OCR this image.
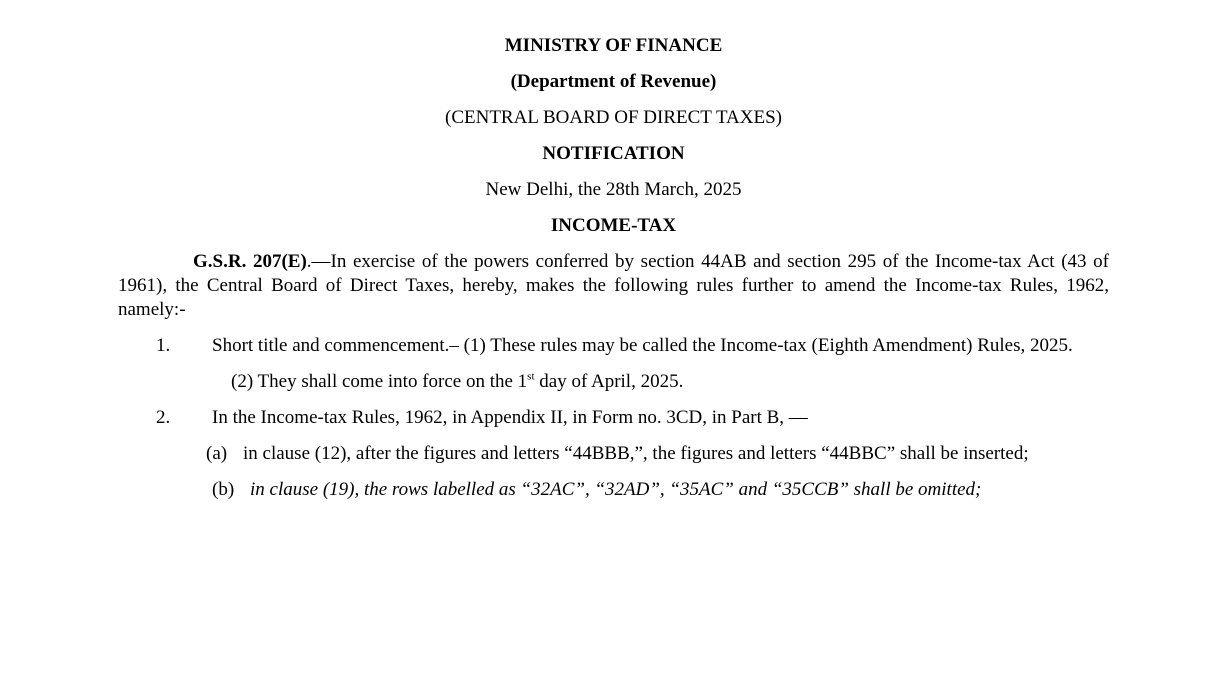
MINISTRY OF FINANCE

(Department of Revenue)

(CENTRAL BOARD OF DIRECT TAXES)

NOTIFICATION

New Delhi, the 28th March, 2025

INCOME-TAX

G.S.R. 207(E).—In exercise of the powers conferred by section 44AB and section 295 of the Income-tax Act (43 of 1961), the Central Board of Direct Taxes, hereby, makes the following rules further to amend the Income-tax Rules, 1962, namely:-

1.	Short title and commencement.– (1) These rules may be called the Income-tax (Eighth Amendment) Rules, 2025.

(2) They shall come into force on the 1st day of April, 2025.

2. In the Income-tax Rules, 1962, in Appendix II, in Form no. 3CD, in Part B, —
(a) in clause (12), after the figures and letters “44BBB,”, the figures and letters “44BBC” shall be inserted;
(b) in clause (19), the rows labelled as “32AC”, “32AD”, “35AC” and “35CCB” shall be omitted;
